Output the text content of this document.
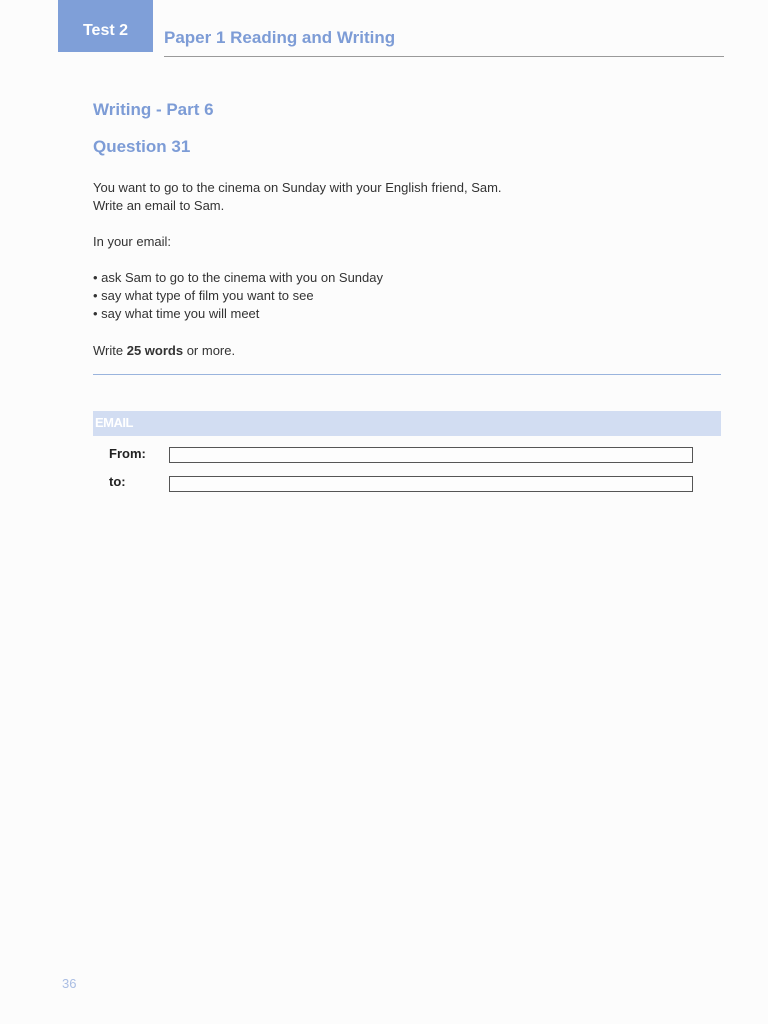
Test 2 Paper 1 Reading and Writing
Writing - Part 6
Question 31
You want to go to the cinema on Sunday with your English friend, Sam.
Write an email to Sam.
In your email:
• ask Sam to go to the cinema with you on Sunday
• say what type of film you want to see
• say what time you will meet
Write 25 words or more.
EMAIL
From:
to:
36
